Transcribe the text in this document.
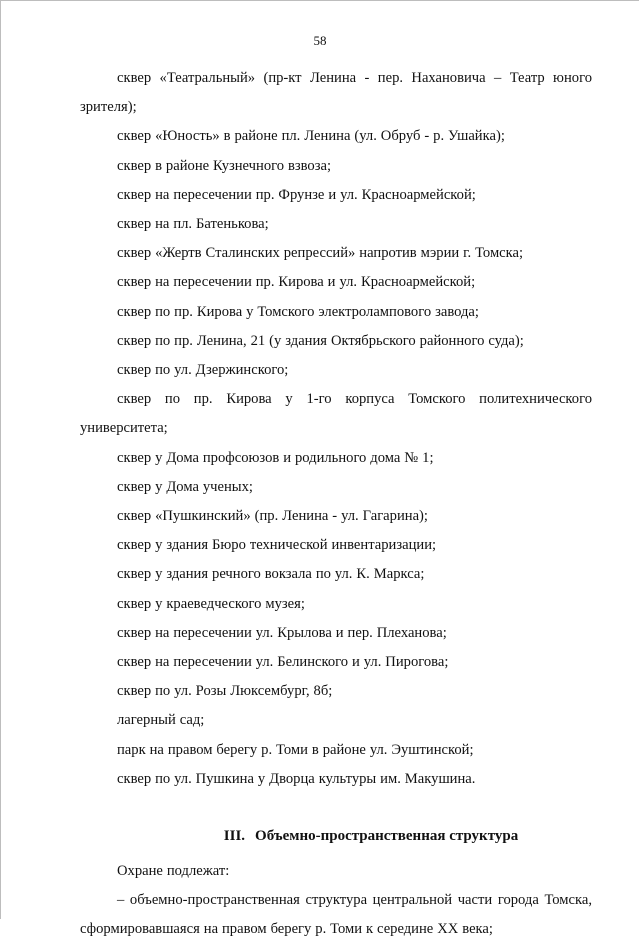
58

сквер «Театральный» (пр-кт Ленина - пер. Нахановича – Театр юного зрителя);

сквер «Юность» в районе пл. Ленина (ул. Обруб - р. Ушайка);

сквер в районе Кузнечного взвоза;

сквер на пересечении пр. Фрунзе и ул. Красноармейской;

сквер на пл. Батенькова;

сквер «Жертв Сталинских репрессий» напротив мэрии г. Томска;

сквер на пересечении пр. Кирова и ул. Красноармейской;

сквер по пр. Кирова у Томского электролампового завода;

сквер по пр. Ленина, 21 (у здания Октябрьского районного суда);

сквер по ул. Дзержинского;

сквер по пр. Кирова у 1-го корпуса Томского политехнического университета;

сквер у Дома профсоюзов и родильного дома № 1;

сквер у Дома ученых;

сквер «Пушкинский» (пр. Ленина - ул. Гагарина);

сквер у здания Бюро технической инвентаризации;

сквер у здания речного вокзала по ул. К. Маркса;

сквер у краеведческого музея;

сквер на пересечении ул. Крылова и пер. Плеханова;

сквер на пересечении ул. Белинского и ул. Пирогова;

сквер по ул. Розы Люксембург, 8б;

лагерный сад;

парк на правом берегу р. Томи в районе ул. Эуштинской;

сквер по ул. Пушкина у Дворца культуры им. Макушина.

III. Объемно-пространственная структура

Охране подлежат:

– объемно-пространственная структура центральной части города Томска, сформировавшаяся на правом берегу р. Томи к середине XX века;
